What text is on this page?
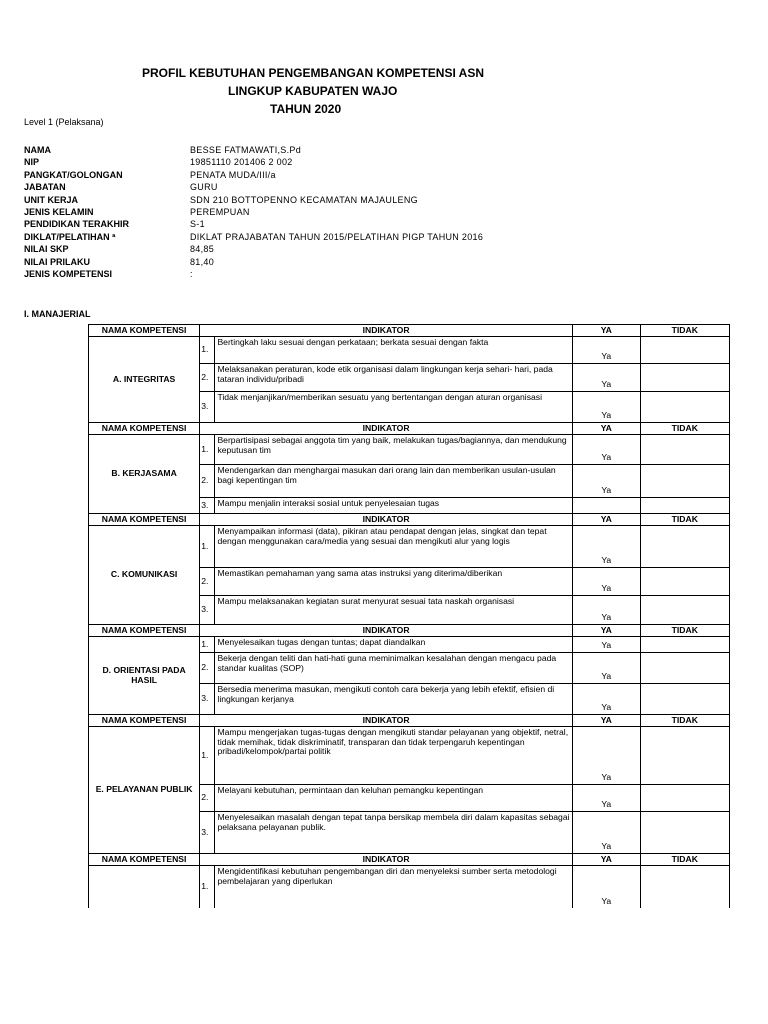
PROFIL KEBUTUHAN PENGEMBANGAN KOMPETENSI ASN
LINGKUP KABUPATEN WAJO
TAHUN 2020
Level 1 (Pelaksana)
NAMA	BESSE FATMAWATI,S.Pd
NIP	19851110 201406 2 002
PANGKAT/GOLONGAN	PENATA MUDA/III/a
JABATAN	GURU
UNIT KERJA	SDN 210 BOTTOPENNO KECAMATAN MAJAULENG
JENIS KELAMIN	PEREMPUAN
PENDIDIKAN TERAKHIR	S-1
DIKLAT/PELATIHAN ª	DIKLAT PRAJABATAN TAHUN 2015/PELATIHAN PIGP TAHUN 2016
NILAI SKP	84,85
NILAI PRILAKU	81,40
JENIS KOMPETENSI	:
I. MANAJERIAL
NAMA KOMPETENSI	INDIKATOR		YA	TIDAK
A. INTEGRITAS	1.	Bertingkah laku sesuai dengan perkataan; berkata sesuai dengan fakta	Ya	
	2.	Melaksanakan peraturan, kode etik organisasi dalam lingkungan kerja sehari- hari, pada tataran individu/pribadi	Ya	
	3.	Tidak menjanjikan/memberikan sesuatu yang bertentangan dengan aturan organisasi	Ya	
NAMA KOMPETENSI	INDIKATOR		YA	TIDAK
B. KERJASAMA	1.	Berpartisipasi sebagai anggota tim yang baik, melakukan tugas/bagiannya, dan mendukung keputusan tim	Ya	
	2.	Mendengarkan dan menghargai masukan dari orang lain dan memberikan usulan-usulan bagi kepentingan tim	Ya	
	3.	Mampu menjalin interaksi sosial untuk penyelesaian tugas		
NAMA KOMPETENSI	INDIKATOR		YA	TIDAK
C. KOMUNIKASI	1.	Menyampaikan informasi (data), pikiran atau pendapat dengan jelas, singkat dan tepat dengan menggunakan cara/media yang sesuai dan mengikuti alur yang logis	Ya	
	2.	Memastikan pemahaman yang sama atas instruksi yang diterima/diberikan	Ya	
	3.	Mampu melaksanakan kegiatan surat menyurat sesuai tata naskah organisasi	Ya	
NAMA KOMPETENSI	INDIKATOR		YA	TIDAK
D. ORIENTASI PADA HASIL	1.	Menyelesaikan tugas dengan tuntas; dapat diandalkan	Ya	
	2.	Bekerja dengan teliti dan hati-hati guna meminimalkan kesalahan dengan mengacu pada standar kualitas (SOP)	Ya	
	3.	Bersedia menerima masukan, mengikuti contoh cara bekerja yang lebih efektif, efisien di lingkungan kerjanya	Ya	
NAMA KOMPETENSI	INDIKATOR		YA	TIDAK
E. PELAYANAN PUBLIK	1.	Mampu mengerjakan tugas-tugas dengan mengikuti standar pelayanan yang objektif, netral, tidak memihak, tidak diskriminatif, transparan dan tidak terpengaruh kepentingan pribadi/kelompok/partai politik	Ya	
	2.	Melayani kebutuhan, permintaan dan keluhan pemangku kepentingan	Ya	
	3.	Menyelesaikan masalah dengan tepat tanpa bersikap membela diri dalam kapasitas sebagai pelaksana pelayanan publik.	Ya	
NAMA KOMPETENSI	INDIKATOR		YA	TIDAK
	1.	Mengidentifikasi kebutuhan pengembangan diri dan menyeleksi sumber serta metodologi pembelajaran yang diperlukan	Ya	
